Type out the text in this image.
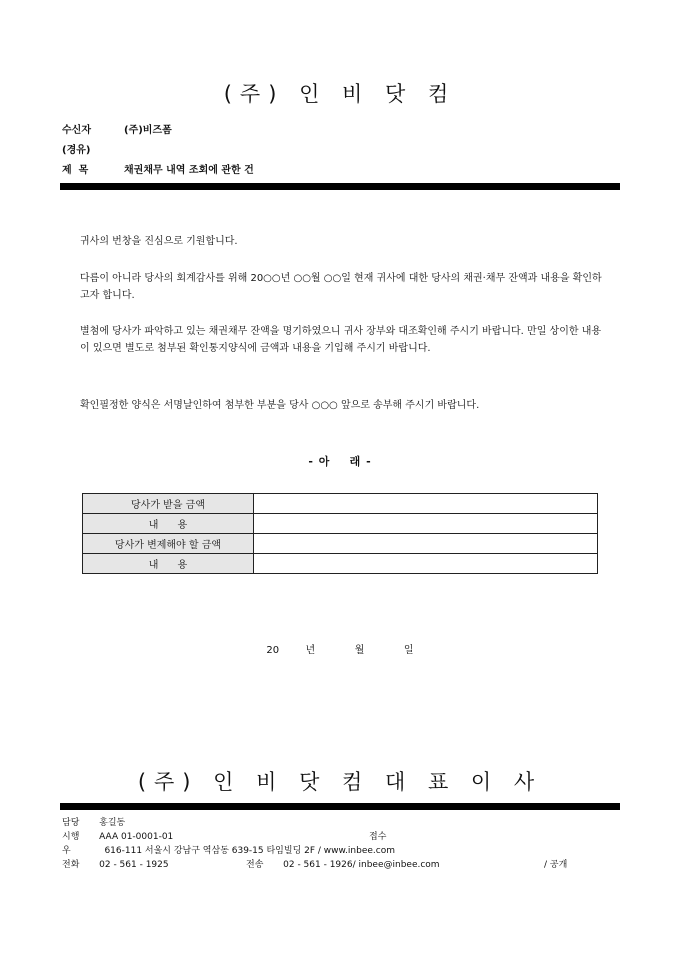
(주) 인 비 닷 컴
수신자	(주)비즈폼
(경유)
제  목	채권채무 내역 조회에 관한 건

귀사의 번창을 진심으로 기원합니다.

다름이 아니라 당사의 회계감사를 위해 20○○년 ○○월 ○○일 현재 귀사에 대한 당사의 채권·채무 잔액과 내용을 확인하고자 합니다.

별첨에 당사가 파악하고 있는 채권채무 잔액을 명기하였으니 귀사 장부와 대조확인해 주시기 바랍니다. 만일 상이한 내용이 있으면 별도로 첨부된 확인통지양식에 금액과 내용을 기입해 주시기 바랍니다.

확인필정한 양식은 서명날인하여 첨부한 부분을 당사 ○○○ 앞으로 송부해 주시기 바랍니다.

- 아    래 -
당사가 받을 금액	
내      용	
당사가 변제해야 할 금액	
내      용	
20  년   월   일
(주) 인 비 닷 컴 대 표 이 사
담당 홍길동
시행 AAA 01-0001-01	접수
우	616-111 서울시 강남구 역삼동 639-15 타임빌딩 2F / www.inbee.com
전화 02 - 561 - 1925	전송 02 - 561 - 1926/ inbee@inbee.com	/ 공개
